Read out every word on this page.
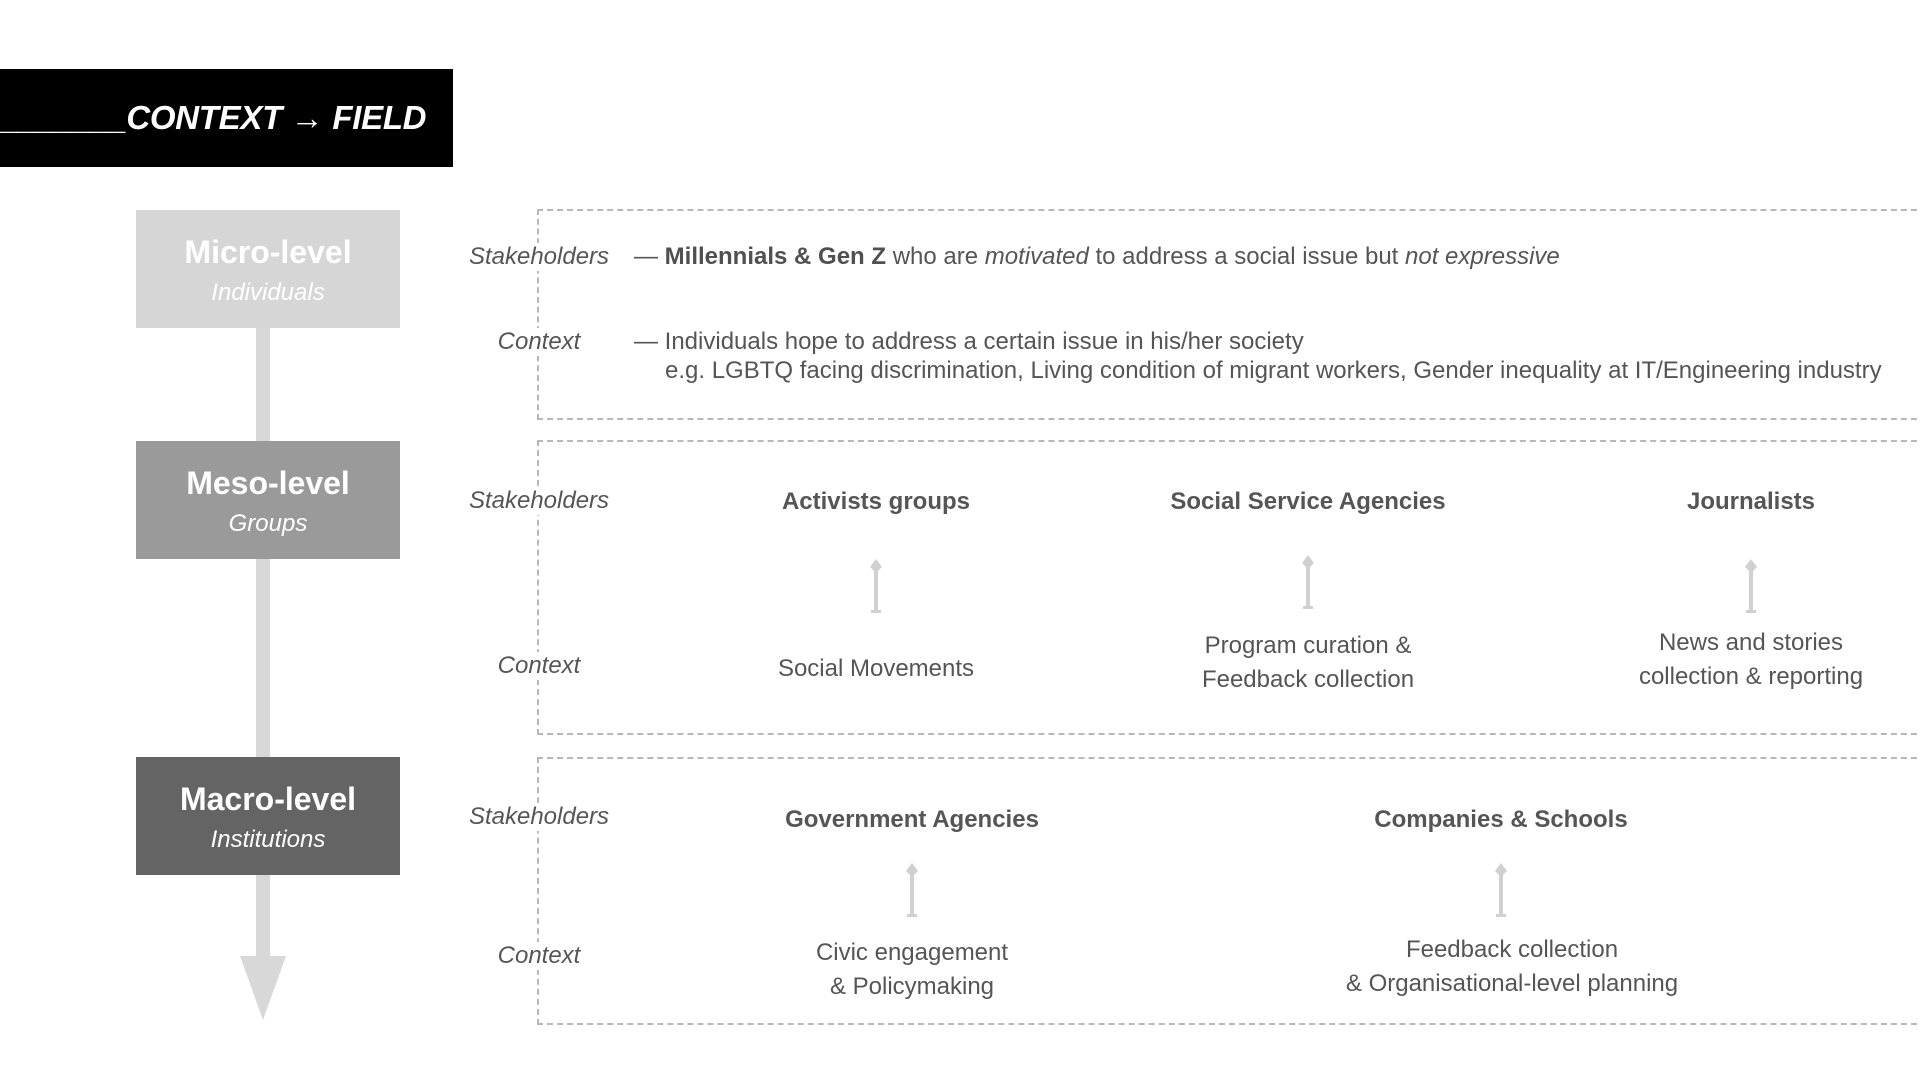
_______CONTEXT → FIELD
Micro-level
Individuals
Meso-level
Groups
Macro-level
Institutions
Stakeholders
Context
— Millennials & Gen Z who are motivated to address a social issue but not expressive
— Individuals hope to address a certain issue in his/her society
e.g. LGBTQ facing discrimination, Living condition of migrant workers, Gender inequality at IT/Engineering industry
Stakeholders
Context
Activists groups
Social Movements
Social Service Agencies
Program curation &
Feedback collection
Journalists
News and stories
collection & reporting
Stakeholders
Context
Government Agencies
Civic engagement
& Policymaking
Companies & Schools
Feedback collection
& Organisational-level planning
